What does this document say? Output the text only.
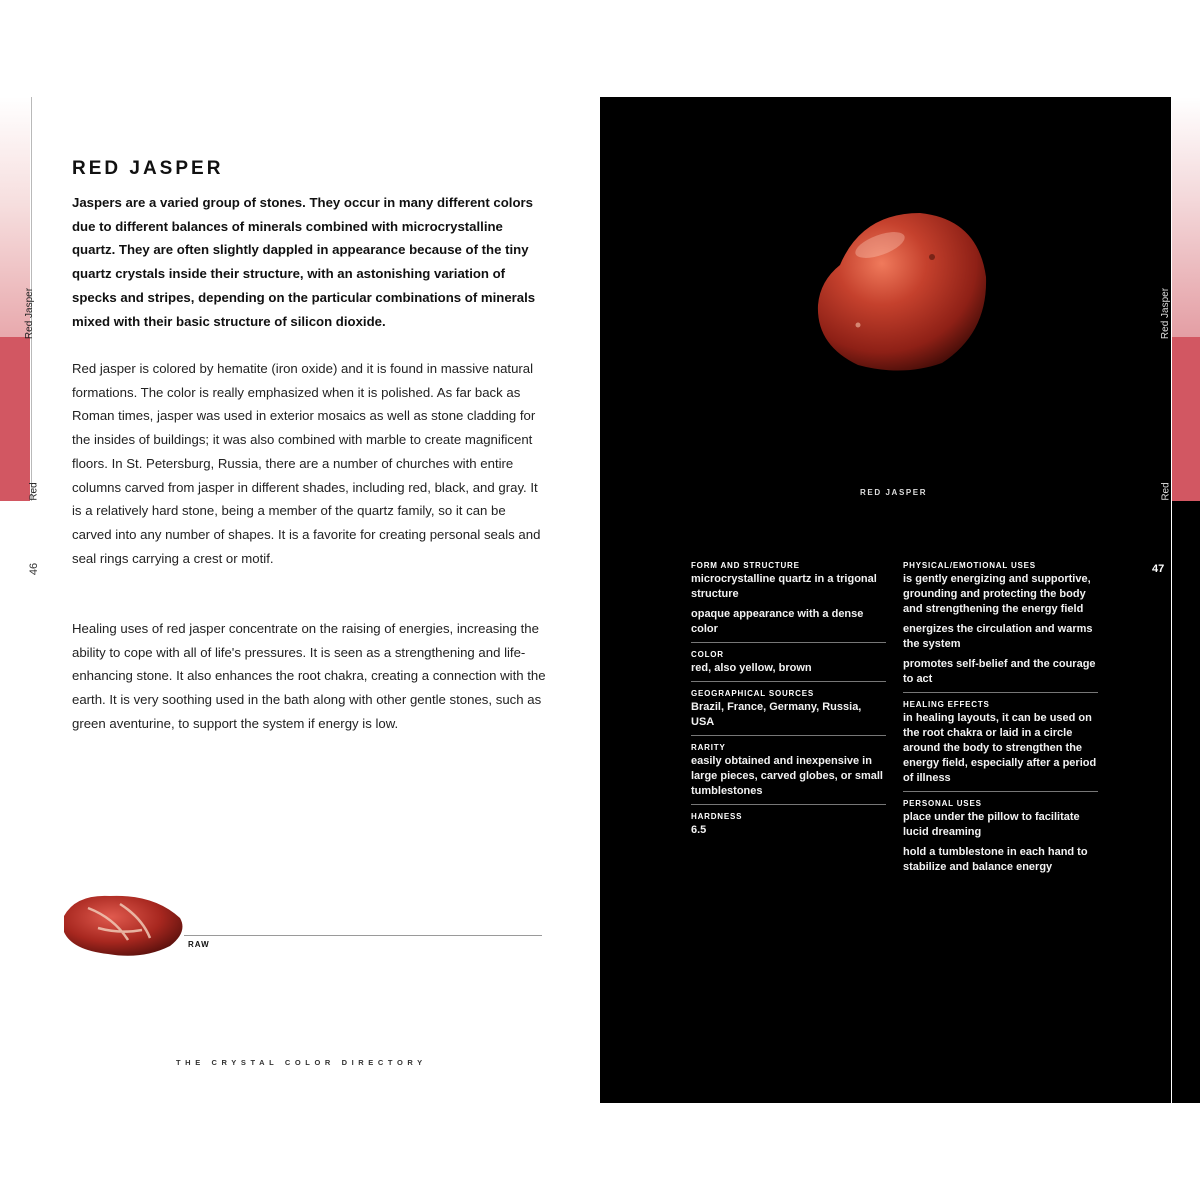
Red Jasper
Red
46
RED JASPER
Jaspers are a varied group of stones. They occur in many different colors due to different balances of minerals combined with microcrystalline quartz. They are often slightly dappled in appearance because of the tiny quartz crystals inside their structure, with an astonishing variation of specks and stripes, depending on the particular combinations of minerals mixed with their basic structure of silicon dioxide.
Red jasper is colored by hematite (iron oxide) and it is found in massive natural formations. The color is really emphasized when it is polished. As far back as Roman times, jasper was used in exterior mosaics as well as stone cladding for the insides of buildings; it was also combined with marble to create magnificent floors. In St. Petersburg, Russia, there are a number of churches with entire columns carved from jasper in different shades, including red, black, and gray. It is a relatively hard stone, being a member of the quartz family, so it can be carved into any number of shapes. It is a favorite for creating personal seals and seal rings carrying a crest or motif.
Healing uses of red jasper concentrate on the raising of energies, increasing the ability to cope with all of life's pressures. It is seen as a strengthening and life-enhancing stone. It also enhances the root chakra, creating a connection with the earth. It is very soothing used in the bath along with other gentle stones, such as green aventurine, to support the system if energy is low.
RAW
THE CRYSTAL COLOR DIRECTORY
Red Jasper
Red
47
RED JASPER
FORM AND STRUCTURE
microcrystalline quartz in a trigonal structure
opaque appearance with a dense color
COLOR
red, also yellow, brown
GEOGRAPHICAL SOURCES
Brazil, France, Germany, Russia, USA
RARITY
easily obtained and inexpensive in large pieces, carved globes, or small tumblestones
HARDNESS
6.5
PHYSICAL/EMOTIONAL USES
is gently energizing and supportive, grounding and protecting the body and strengthening the energy field
energizes the circulation and warms the system
promotes self-belief and the courage to act
HEALING EFFECTS
in healing layouts, it can be used on the root chakra or laid in a circle around the body to strengthen the energy field, especially after a period of illness
PERSONAL USES
place under the pillow to facilitate lucid dreaming
hold a tumblestone in each hand to stabilize and balance energy
